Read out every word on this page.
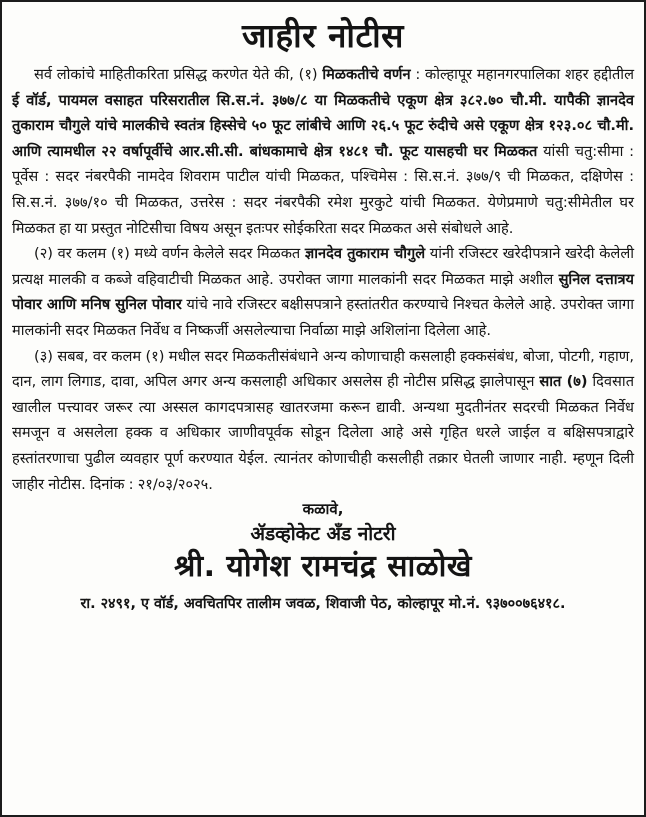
जाहीर नोटीस

सर्व लोकांचे माहितीकरिता प्रसिद्ध करणेत येते की, (१) मिळकतीचे वर्णन : कोल्हापूर महानगरपालिका शहर हद्दीतील ई वॉर्ड, पायमल वसाहत परिसरातील सि.स.नं. ३७७/८ या मिळकतीचे एकूण क्षेत्र ३८२.७० चौ.मी. यापैकी ज्ञानदेव तुकाराम चौगुले यांचे मालकीचे स्वतंत्र हिस्सेचे ५० फूट लांबीचे आणि २६.५ फूट रुंदीचे असे एकूण क्षेत्र १२३.०८ चौ.मी. आणि त्यामधील २२ वर्षापूर्वीचे आर.सी.सी. बांधकामाचे क्षेत्र १४८१ चौ. फूट यासहची घर मिळकत यांसी चतु:सीमा : पूर्वेस : सदर नंबरपैकी नामदेव शिवराम पाटील यांची मिळकत, पश्चिमेस : सि.स.नं. ३७७/९ ची मिळकत, दक्षिणेस : सि.स.नं. ३७७/१० ची मिळकत, उत्तरेस : सदर नंबरपैकी रमेश मुरकुटे यांची मिळकत. येणेप्रमाणे चतु:सीमेतील घर मिळकत हा या प्रस्तुत नोटिसीचा विषय असून इतःपर सोईकरिता सदर मिळकत असे संबोधले आहे.

(२) वर कलम (१) मध्ये वर्णन केलेले सदर मिळकत ज्ञानदेव तुकाराम चौगुले यांनी रजिस्टर खरेदीपत्राने खरेदी केलेली प्रत्यक्ष मालकी व कब्जे वहिवाटीची मिळकत आहे. उपरोक्त जागा मालकांनी सदर मिळकत माझे अशील सुनिल दत्तात्रय पोवार आणि मनिष सुनिल पोवार यांचे नावे रजिस्टर बक्षीसपत्राने हस्तांतरीत करण्याचे निश्चत केलेले आहे. उपरोक्त जागा मालकांनी सदर मिळकत निर्वेध व निष्कर्जी असलेल्याचा निर्वाळा माझे अशिलांना दिलेला आहे.

(३) सबब, वर कलम (१) मधील सदर मिळकतीसंबंधाने अन्य कोणाचाही कसलाही हक्कसंबंध, बोजा, पोटगी, गहाण, दान, लाग लिगाड, दावा, अपिल अगर अन्य कसलाही अधिकार असलेस ही नोटीस प्रसिद्ध झालेपासून सात (७) दिवसात खालील पत्त्यावर जरूर त्या अस्सल कागदपत्रासह खातरजमा करून द्यावी. अन्यथा मुदतीनंतर सदरची मिळकत निर्वेध समजून व असलेला हक्क व अधिकार जाणीवपूर्वक सोडून दिलेला आहे असे गृहित धरले जाईल व बक्षिसपत्राद्वारे हस्तांतरणाचा पुढील व्यवहार पूर्ण करण्यात येईल. त्यानंतर कोणाचीही कसलीही तक्रार घेतली जाणार नाही. म्हणून दिली जाहीर नोटीस. दिनांक : २१/०३/२०२५.

कळावे,
ॲडव्होकेट ॲंड नोटरी
श्री. योगेश रामचंद्र साळोखे
रा. २४९१, ए वॉर्ड, अवचितपिर तालीम जवळ, शिवाजी पेठ, कोल्हापूर मो.नं. ९३७००७६४१८.
